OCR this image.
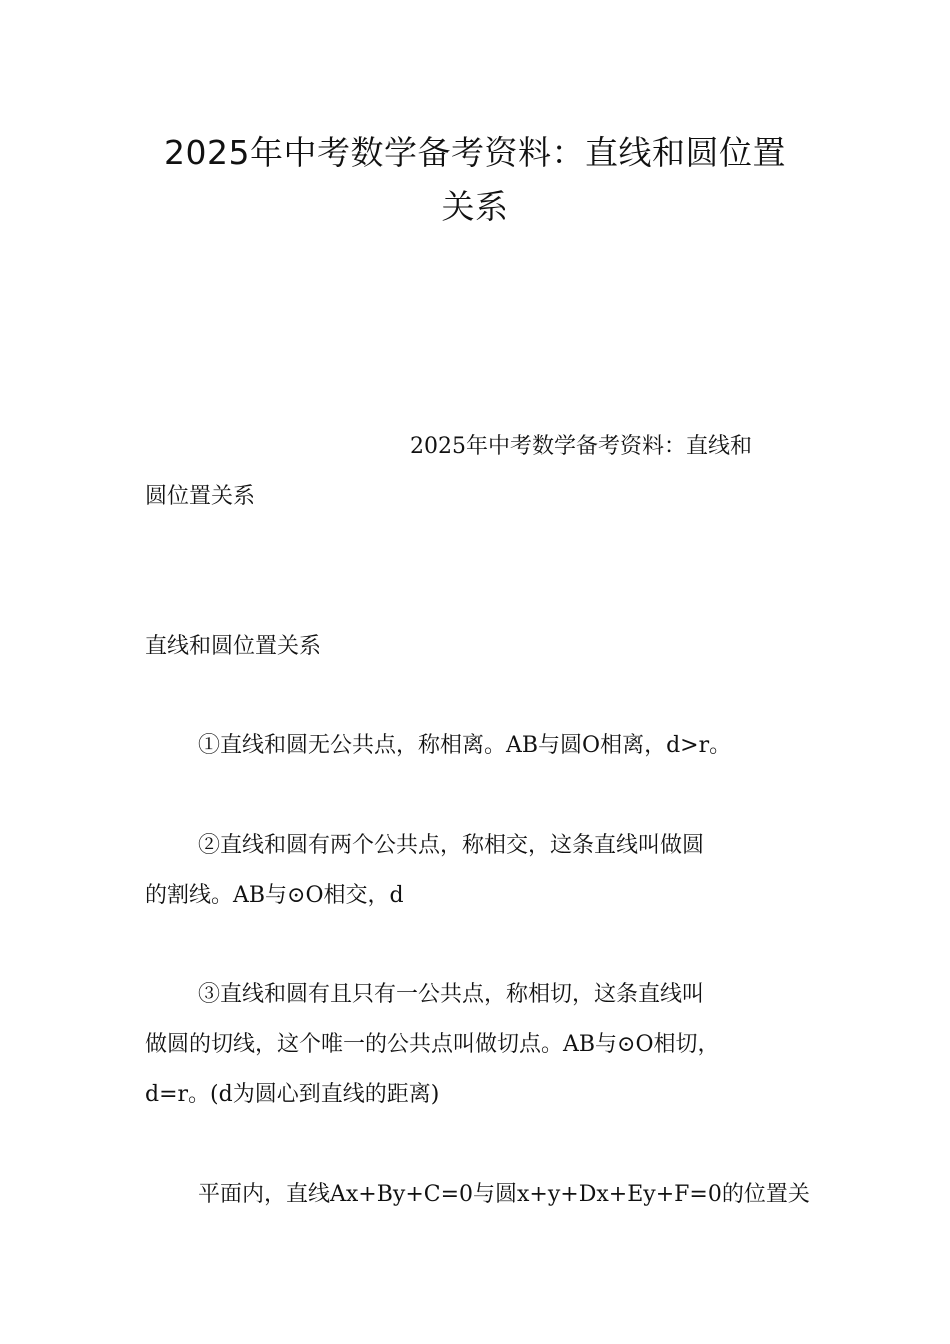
2025年中考数学备考资料：直线和圆位置
关系
2025年中考数学备考资料：直线和
圆位置关系
直线和圆位置关系
①直线和圆无公共点，称相离。AB与圆O相离，d>r。
②直线和圆有两个公共点，称相交，这条直线叫做圆
的割线。AB与⊙O相交，d
③直线和圆有且只有一公共点，称相切，这条直线叫
做圆的切线，这个唯一的公共点叫做切点。AB与⊙O相切，
d=r。(d为圆心到直线的距离)
平面内，直线Ax+By+C=0与圆x+y+Dx+Ey+F=0的位置关
